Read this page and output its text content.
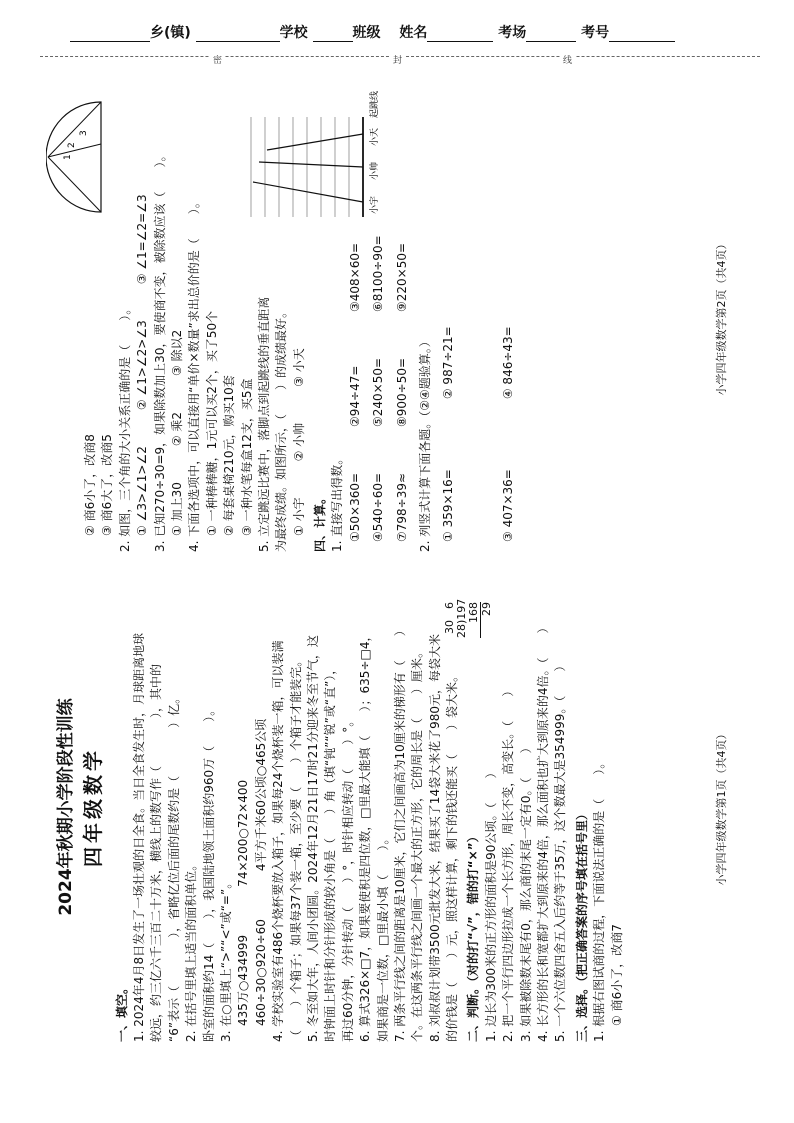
乡(镇)	学校	班级 姓名	考场	考号
密	封	线

2024年秋期小学阶段性训练 四年级数学

一、填空。 1. 2024年4月8日发生了一场壮观的日全食。当日全食发生时，月球距离地球 较远，约三亿六千三百二十万米，横线上的数写作（　　　　），其中的 “6”表示（　　　　），省略亿位后面的尾数约是（　　　　）亿。 2. 在括号里填上适当的面积单位。 卧室的面积约14（　　），我国陆地领土面积约960万（　　）。 3. 在○里填上“>”“<”或“=”。 435万○434999
74×200○72×400
460÷30○920÷60
4平方千米60公顷○465公顷 4. 学校实验室有486个烧杯要放入箱子，如果每24个烧杯装一箱，可以装满 （　　）个箱子；如果每37个装一箱，至少要（　　）个箱子才能装完。 5. 冬至如大年，人间小团圆。2024年12月21日17时21分迎来冬至节气，这 时钟面上时针和分针形成的较小角是（　　）角（填“钝”“锐”或“直”）， 再过60分钟，分针转动（　　）°，时针相应转动（　　）°。 6. 算式326×□7，如果要使积是四位数，□里最大能填（　　）；635÷□4， 如果商是一位数，□里最小填（　　）。 7. 两条平行线之间的距离是10厘米，它们之间画高为10厘米的梯形有（　　） 个。在这两条平行线之间画一个最大的正方形，它的周长是（　　）厘米。 8. 刘叔叔计划带3500元批发大米，结果买了14袋大米花了980元，每袋大米 的价钱是（　　）元，照这样计算，剩下的钱还能买（　　）袋大米。 二、判断。（对的打“√”，错的打“×”） 1. 边长为300米的正方形的面积是90公顷。（　　） 2. 把一个平行四边形拉成一个长方形，周长不变，高变长。（　　） 3. 如果被除数末尾有0，那么商的末尾一定有0。（　　） 4. 长方形的长和宽都扩大到原来的4倍，那么面积也扩大到原来的4倍。（　　） 5. 一个六位数四舍五入后约等于35万，这个数最大是354999。（　　） 三、选择。（把正确答案的序号填在括号里） 1. 根据右图试商的过程，下面说法正确的是（　　）。 ① 商6小了，改商7

30　6 28)197 168 29
小学四年级数学第1页（共4页）

② 商6小了，改商8 ③ 商6大了，改商5 2. 如图，三个角的大小关系正确的是（　　）。 ① ∠3>∠1>∠2
② ∠1>∠2>∠3
③ ∠1=∠2=∠3 3. 已知270÷30=9，如果除数加上30，要使商不变，被除数应该（　　）。 ① 加上30
② 乘2
③ 除以2 4. 下面各选项中，可以直接用“单价×数量”求出总价的是（　　）。 ① 一种棒棒糖，1元可以买2个，买了50个 ② 每套桌椅210元，购买10套 ③ 一种水笔每盒12支，买5盒 5. 立定跳远比赛中，落脚点到起跳线的垂直距离 为最终成绩。如图所示，（　　）的成绩最好。 ① 小宇
② 小帅
③ 小天

四、计算。 1. 直接写出得数。 ①50×360=
②94÷47=
③408×60=
④540÷60=
⑤240×50=
⑥8100÷90=
⑦798÷39≈
⑧900÷50=
⑨220×50=

2. 列竖式计算下面各题。（②④题验算。） ① 359×16=
② 987÷21=
③ 407×36=
④ 846÷43=
1
2
3

小宇
小帅
小天
起跳线
小学四年级数学第2页（共4页）
